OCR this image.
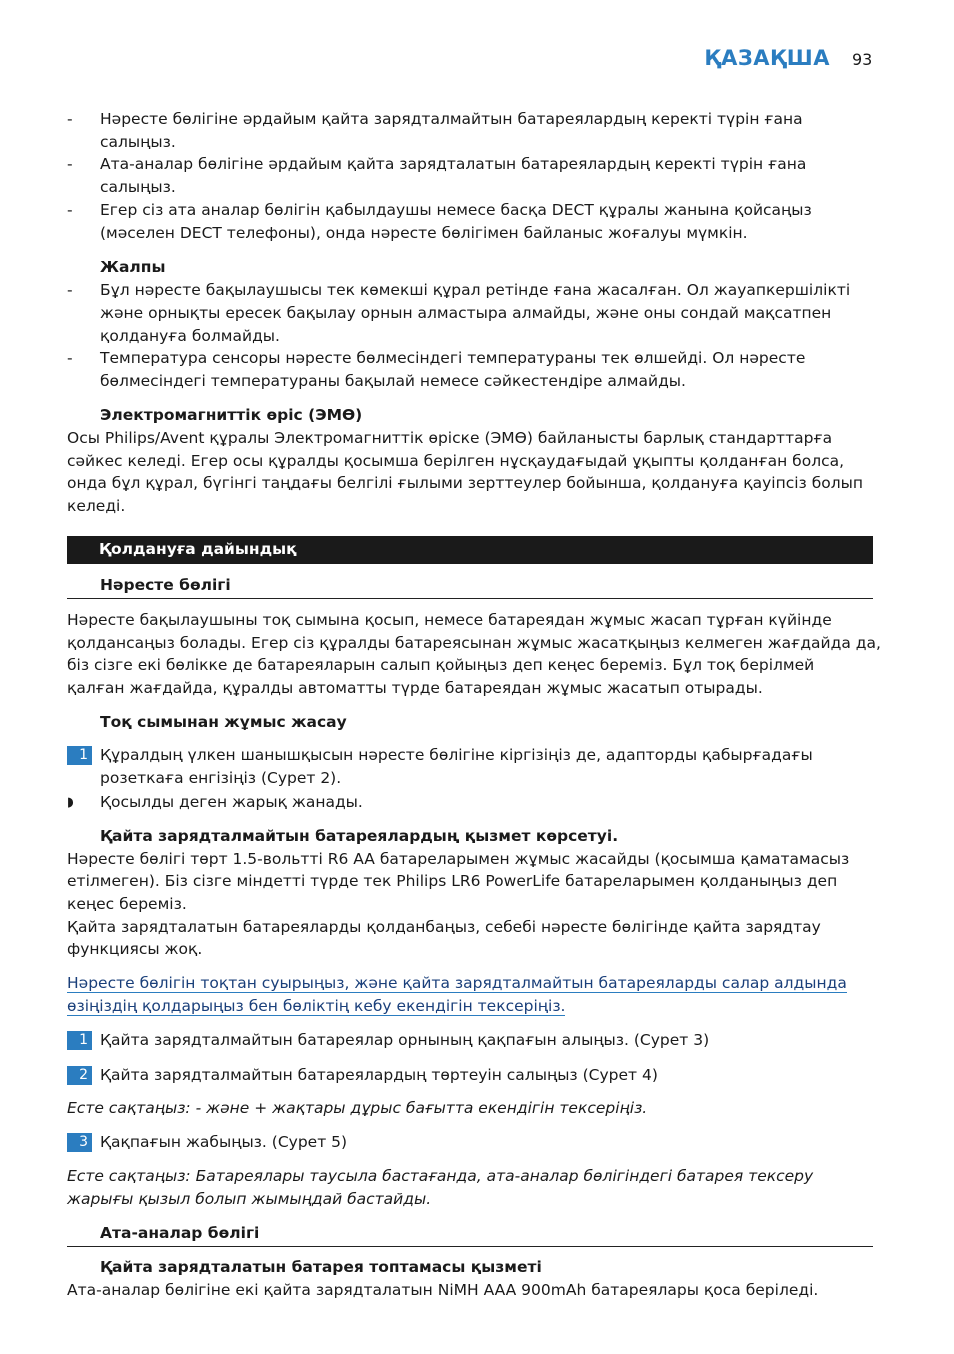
ҚАЗАҚША 93
- Нәресте бөлігіне әрдайым қайта зарядталмайтын батареялардың керекті түрін ғана
салыңыз.
- Ата-аналар бөлігіне әрдайым қайта зарядталатын батареялардың керекті түрін ғана
салыңыз.
- Егер сіз ата аналар бөлігін қабылдаушы немесе басқа DECT құралы жанына қойсаңыз
(мәселен DECT телефоны), онда нәресте бөлігімен байланыс жоғалуы мүмкін.
Жалпы
- Бұл нәресте бақылаушысы тек көмекші құрал ретінде ғана жасалған. Ол жауапкершілікті
және орнықты ересек бақылау орнын алмастыра алмайды, және оны сондай мақсатпен
қолдануға болмайды.
- Температура сенсоры нәресте бөлмесіндегі температураны тек өлшейді. Ол нәресте
бөлмесіндегі температураны бақылай немесе сәйкестендіре алмайды.
Электромагниттік өріс (ЭМӨ)
Осы Philips/Avent құралы Электромагниттік өріске (ЭМӨ) байланысты барлық стандарттарға
сәйкес келеді. Егер осы құралды қосымша берілген нұсқаудағыдай ұқыпты қолданған болса,
онда бұл құрал, бүгінгі таңдағы белгілі ғылыми зерттеулер бойынша, қолдануға қауіпсіз болып
келеді.
Қолдануға дайындық
Нәресте бөлігі
Нәресте бақылаушыны тоқ сымына қосып, немесе батареядан жұмыс жасап тұрған күйінде
қолдансаңыз болады. Егер сіз құралды батареясынан жұмыс жасатқыңыз келмеген жағдайда да,
біз сізге екі бөлікке де батареяларын салып қойыңыз деп кеңес береміз. Бұл тоқ берілмей
қалған жағдайда, құралды автоматты түрде батареядан жұмыс жасатып отырады.
Тоқ сымынан жұмыс жасау
1 Құралдың үлкен шанышқысын нәресте бөлігіне кіргізіңіз де, адапторды қабырғадағы
розеткаға енгізіңіз (Сурет 2).
◗ Қосылды деген жарық жанады.
Қайта зарядталмайтын батареялардың қызмет көрсетуі.
Нәресте бөлігі төрт 1.5-вольтті R6 AA батареларымен жұмыс жасайды (қосымша қаматамасыз
етілмеген). Біз сізге міндетті түрде тек Philips LR6 PowerLife батареларымен қолданыңыз деп
кеңес береміз.
Қайта зарядталатын батареяларды қолданбаңыз, себебі нәресте бөлігінде қайта зарядтау
функциясы жоқ.
Нәресте бөлігін тоқтан суырыңыз, және қайта зарядталмайтын батареяларды салар алдында
өзіңіздің қолдарыңыз бен бөліктің кебу екендігін тексеріңіз.
1 Қайта зарядталмайтын батареялар орнының қақпағын алыңыз. (Сурет 3)
2 Қайта зарядталмайтын батареялардың төртеуін салыңыз (Сурет 4)
Есте сақтаңыз: - және + жақтары дұрыс бағытта екендігін тексеріңіз.
3 Қақпағын жабыңыз. (Сурет 5)
Есте сақтаңыз: Батареялары таусыла бастағанда, ата-аналар бөлігіндегі батарея тексеру
жарығы қызыл болып жымыңдай бастайды.
Ата-аналар бөлігі
Қайта зарядталатын батарея топтамасы қызметі
Ата-аналар бөлігіне екі қайта зарядталатын NiMH AAA 900mAh батареялары қоса беріледі.
